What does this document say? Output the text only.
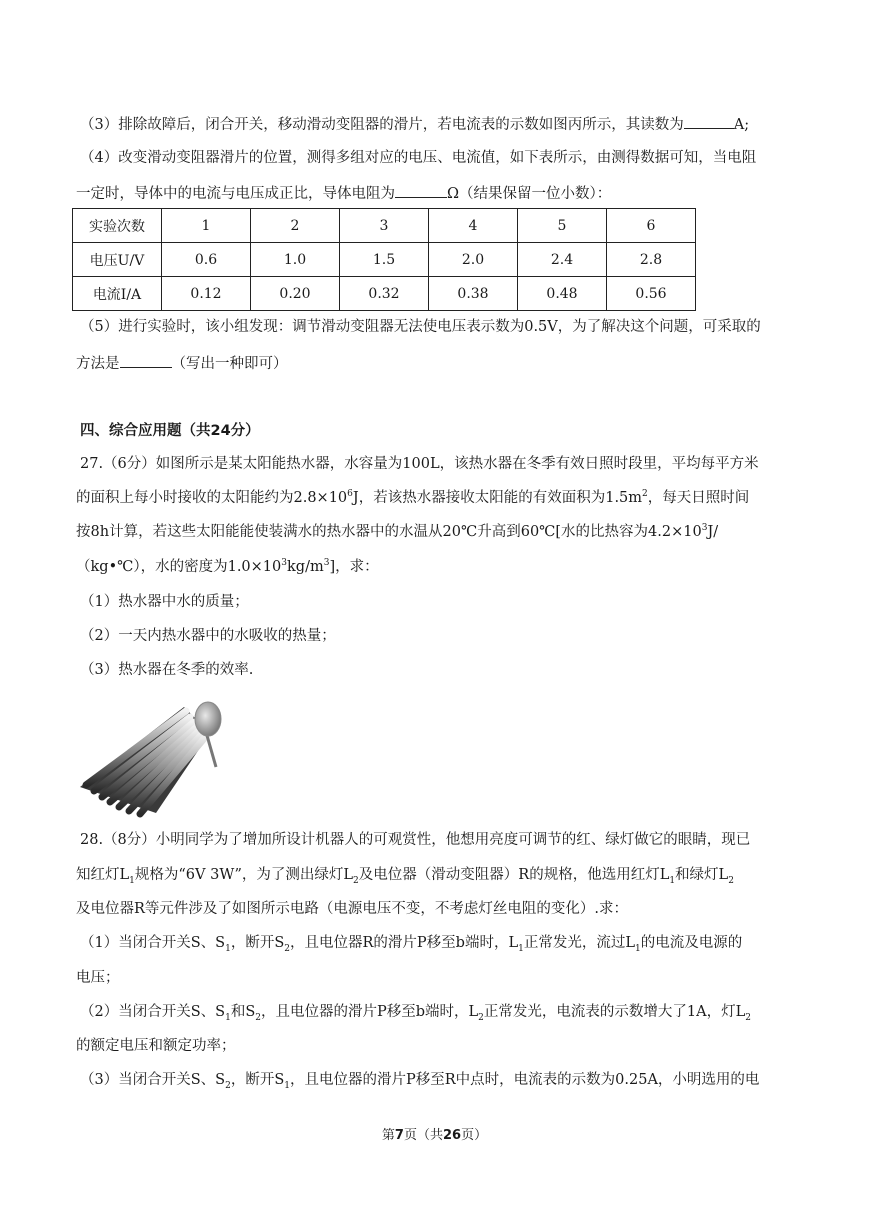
（3）排除故障后，闭合开关，移动滑动变阻器的滑片，若电流表的示数如图丙所示，其读数为	A;
（4）改变滑动变阻器滑片的位置，测得多组对应的电压、电流值，如下表所示，由测得数据可知，当电阻
一定时，导体中的电流与电压成正比，导体电阻为	Ω（结果保留一位小数）：
实验次数	1	2	3	4	5	6
电压U/V	0.6	1.0	1.5	2.0	2.4	2.8
电流I/A	0.12	0.20	0.32	0.38	0.48	0.56
（5）进行实验时，该小组发现：调节滑动变阻器无法使电压表示数为0.5V，为了解决这个问题，可采取的
方法是	（写出一种即可）
四、综合应用题（共24分）
27.（6分）如图所示是某太阳能热水器，水容量为100L，该热水器在冬季有效日照时段里，平均每平方米
的面积上每小时接收的太阳能约为$2.8\times 10^6J$，若该热水器接收太阳能的有效面积为$1.5m^2$，每天日照时间
按8h计算，若这些太阳能能使装满水的热水器中的水温从20℃升高到60℃[水的比热容为$4.2\times 10^3J/$
（kg•℃），水的密度为$1.0\times 10^3kg/m^3$]，求：
（1）热水器中水的质量；
（2）一天内热水器中的水吸收的热量；
（3）热水器在冬季的效率.
28.（8分）小明同学为了增加所设计机器人的可观赏性，他想用亮度可调节的红、绿灯做它的眼睛，现已
知红灯$L_1$规格为“6V 3W”，为了测出绿灯$L_2$及电位器（滑动变阻器）R的规格，他选用红灯$L_1$和绿灯$L_2$
及电位器R等元件涉及了如图所示电路（电源电压不变，不考虑灯丝电阻的变化）.求：
（1）当闭合开关S、$S_1$，断开$S_2$，且电位器R的滑片P移至b端时，$L_1$正常发光，流过$L_1$的电流及电源的
电压；
（2）当闭合开关S、$S_1$和$S_2$，且电位器的滑片P移至b端时，$L_2$正常发光，电流表的示数增大了1A，灯$L_2$
的额定电压和额定功率；
（3）当闭合开关S、$S_2$，断开$S_1$，且电位器的滑片P移至R中点时，电流表的示数为0.25A，小明选用的电
第7页（共26页）
